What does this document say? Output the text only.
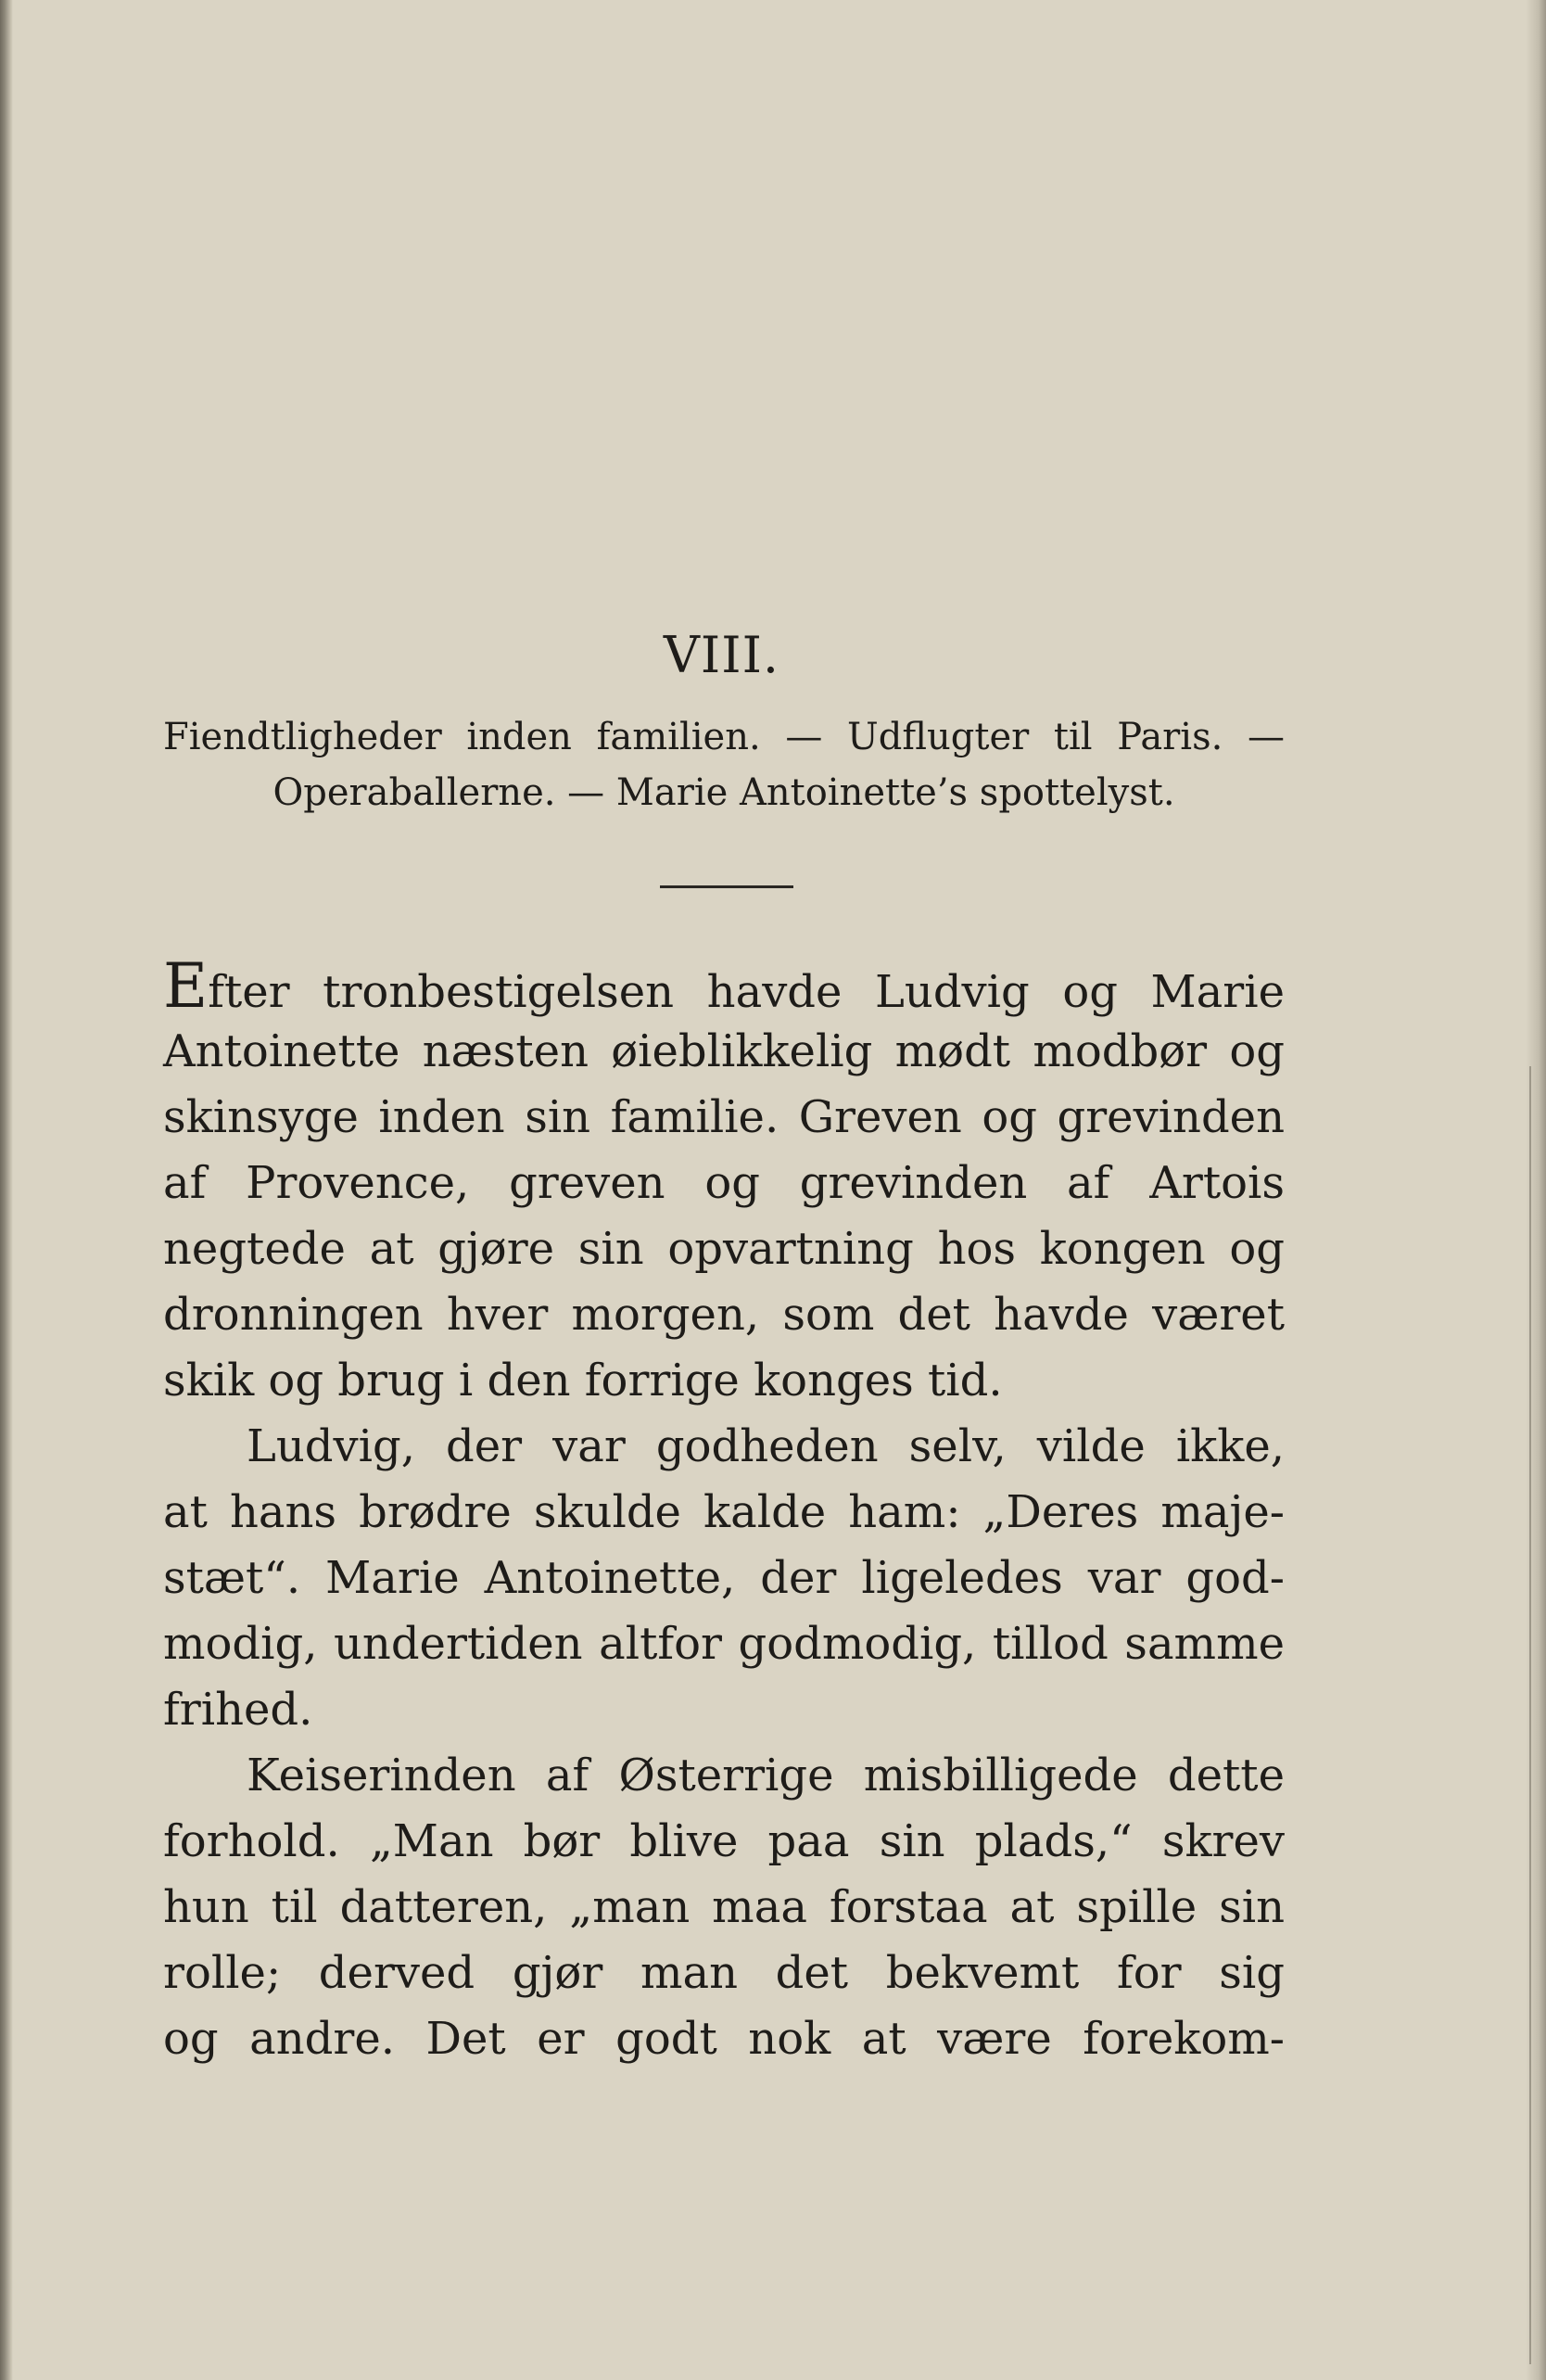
VIII.
Fiendtligheder inden familien. — Udflugter til Paris. —
Operaballerne. — Marie Antoinette’s spottelyst.
Efter tronbestigelsen havde Ludvig og Marie
Antoinette næsten øieblikkelig mødt modbør og
skinsyge inden sin familie. Greven og grevinden
af Provence, greven og grevinden af Artois
negtede at gjøre sin opvartning hos kongen og
dronningen hver morgen, som det havde været
skik og brug i den forrige konges tid.
Ludvig, der var godheden selv, vilde ikke,
at hans brødre skulde kalde ham: „Deres maje-
stæt“. Marie Antoinette, der ligeledes var god-
modig, undertiden altfor godmodig, tillod samme
frihed.
Keiserinden af Østerrige misbilligede dette
forhold. „Man bør blive paa sin plads,“ skrev
hun til datteren, „man maa forstaa at spille sin
rolle; derved gjør man det bekvemt for sig
og andre. Det er godt nok at være forekom-
